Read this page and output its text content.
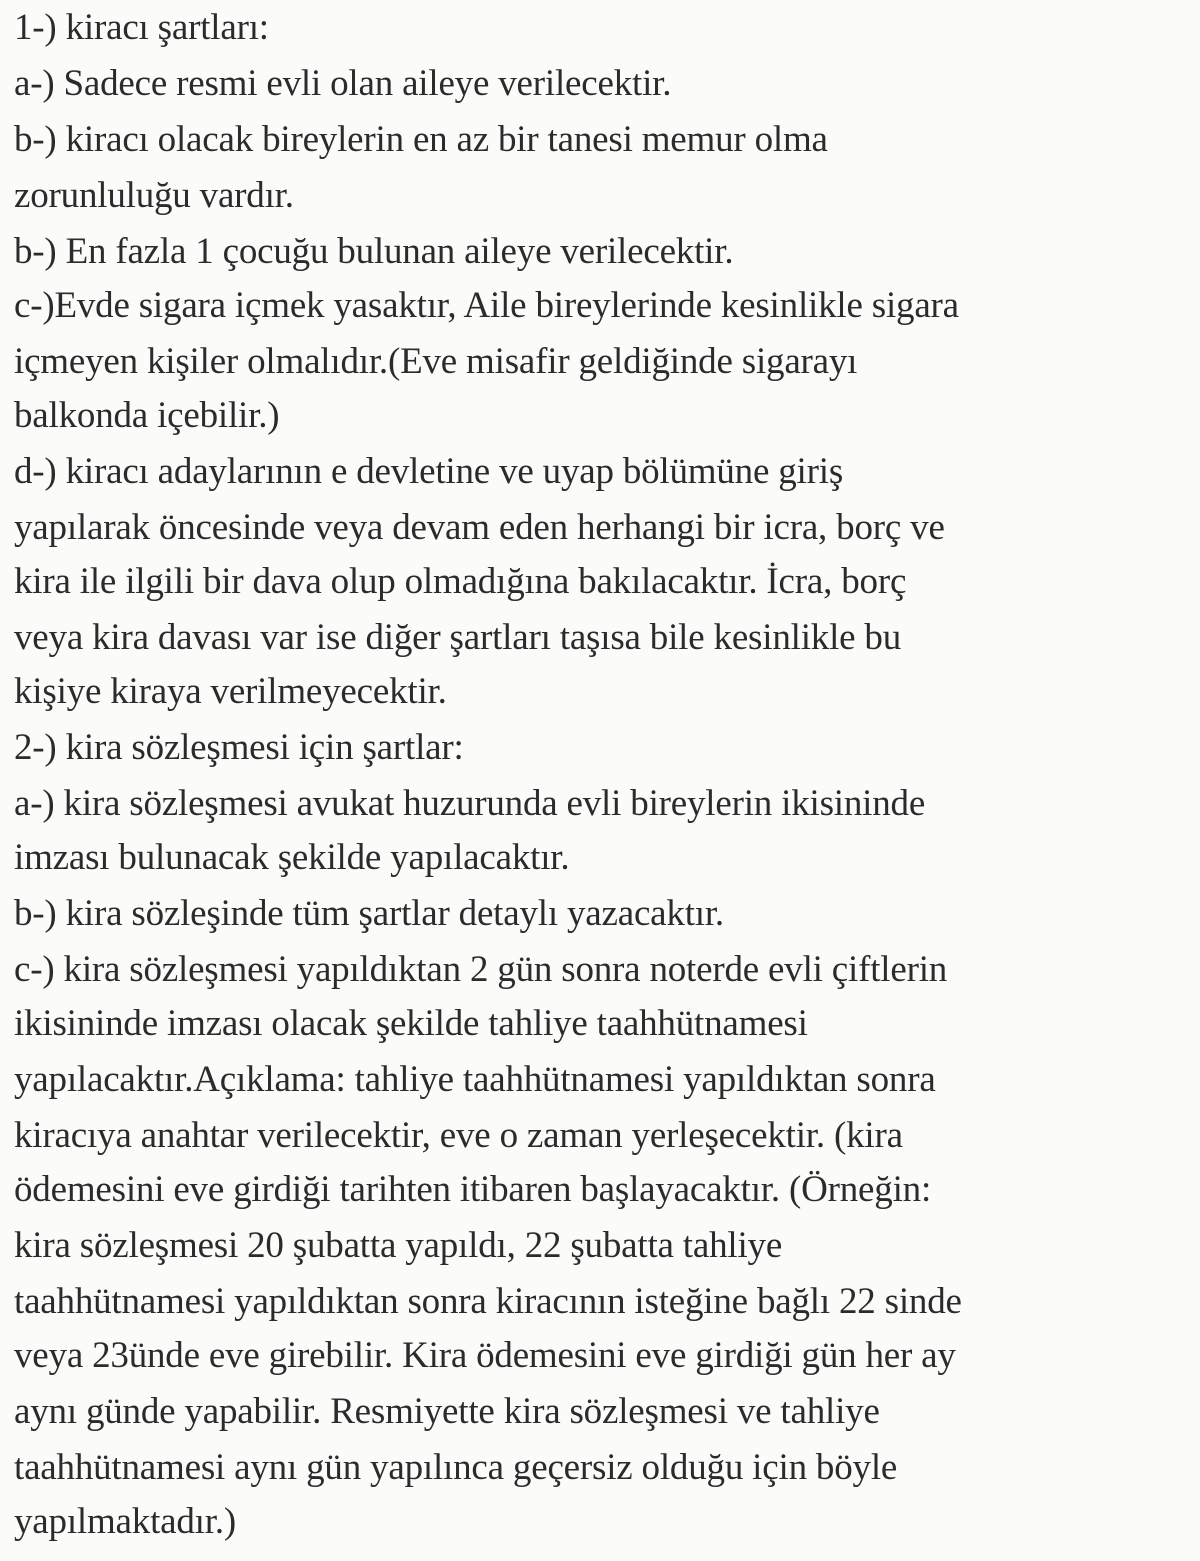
1-) kiracı şartları:
a-) Sadece resmi evli olan aileye verilecektir.
b-) kiracı olacak bireylerin en az bir tanesi memur olma
zorunluluğu vardır.
b-) En fazla 1 çocuğu bulunan aileye verilecektir.
c-)Evde sigara içmek yasaktır, Aile bireylerinde kesinlikle sigara
içmeyen kişiler olmalıdır.(Eve misafir geldiğinde sigarayı
balkonda içebilir.)
d-) kiracı adaylarının e devletine ve uyap bölümüne giriş
yapılarak öncesinde veya devam eden herhangi bir icra, borç ve
kira ile ilgili bir dava olup olmadığına bakılacaktır. İcra, borç
veya kira davası var ise diğer şartları taşısa bile kesinlikle bu
kişiye kiraya verilmeyecektir.
2-) kira sözleşmesi için şartlar:
a-) kira sözleşmesi avukat huzurunda evli bireylerin ikisininde
imzası bulunacak şekilde yapılacaktır.
b-) kira sözleşinde tüm şartlar detaylı yazacaktır.
c-) kira sözleşmesi yapıldıktan 2 gün sonra noterde evli çiftlerin
ikisininde imzası olacak şekilde tahliye taahhütnamesi
yapılacaktır.Açıklama: tahliye taahhütnamesi yapıldıktan sonra
kiracıya anahtar verilecektir, eve o zaman yerleşecektir. (kira
ödemesini eve girdiği tarihten itibaren başlayacaktır. (Örneğin:
kira sözleşmesi 20 şubatta yapıldı, 22 şubatta tahliye
taahhütnamesi yapıldıktan sonra kiracının isteğine bağlı 22 sinde
veya 23ünde eve girebilir. Kira ödemesini eve girdiği gün her ay
aynı günde yapabilir. Resmiyette kira sözleşmesi ve tahliye
taahhütnamesi aynı gün yapılınca geçersiz olduğu için böyle
yapılmaktadır.)
